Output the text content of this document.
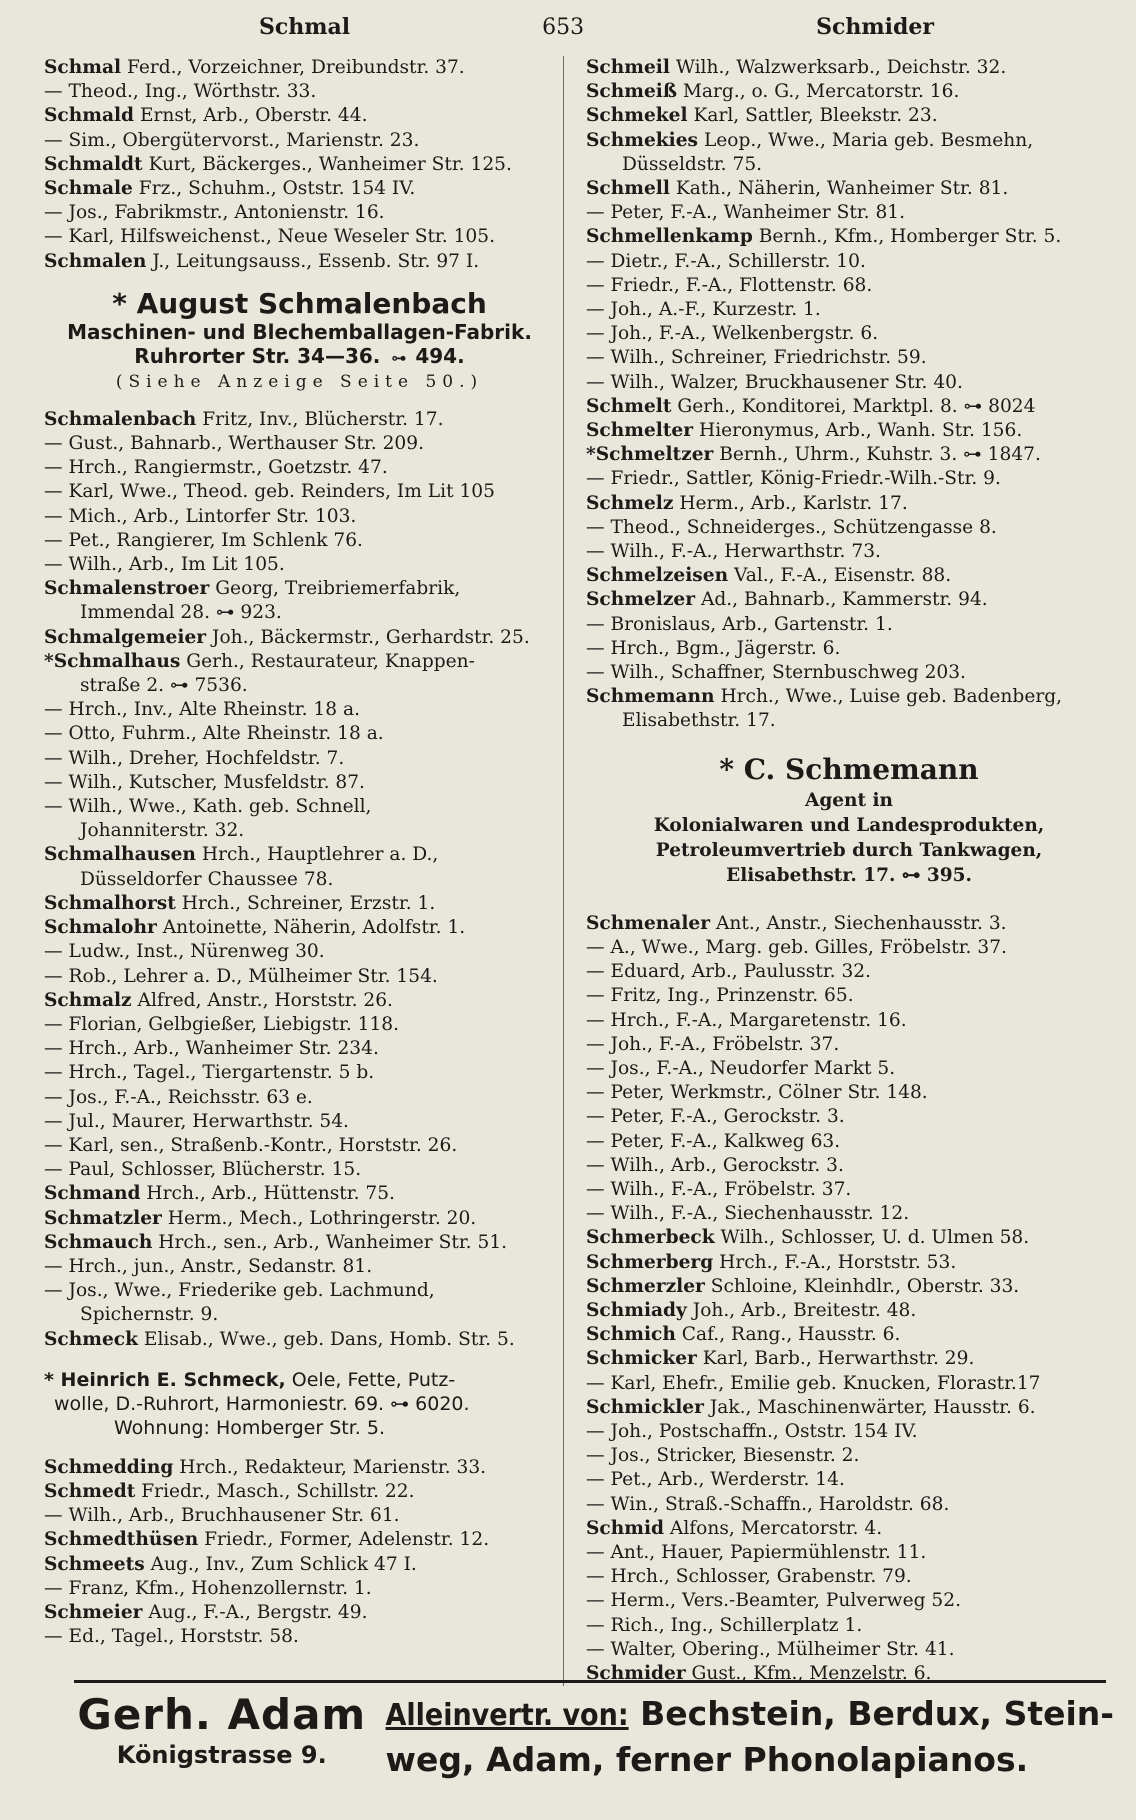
Schmal	653	Schmider
Schmal Ferd., Vorzeichner, Dreibundstr. 37.
— Theod., Ing., Wörthstr. 33.
Schmald Ernst, Arb., Oberstr. 44.
— Sim., Obergütervorst., Marienstr. 23.
Schmaldt Kurt, Bäckerges., Wanheimer Str. 125.
Schmale Frz., Schuhm., Oststr. 154 IV.
— Jos., Fabrikmstr., Antonienstr. 16.
— Karl, Hilfsweichenst., Neue Weseler Str. 105.
Schmalen J., Leitungsauss., Essenb. Str. 97 I.
* August Schmalenbach
Maschinen- und Blechemballagen-Fabrik.
Ruhrorter Str. 34—36. ⊶ 494.
(Siehe Anzeige Seite 50.)
Schmalenbach Fritz, Inv., Blücherstr. 17.
— Gust., Bahnarb., Werthauser Str. 209.
— Hrch., Rangiermstr., Goetzstr. 47.
— Karl, Wwe., Theod. geb. Reinders, Im Lit 105
— Mich., Arb., Lintorfer Str. 103.
— Pet., Rangierer, Im Schlenk 76.
— Wilh., Arb., Im Lit 105.
Schmalenstroer Georg, Treibriemerfabrik,
Immendal 28. ⊶ 923.
Schmalgemeier Joh., Bäckermstr., Gerhardstr. 25.
*Schmalhaus Gerh., Restaurateur, Knappen-
straße 2. ⊶ 7536.
— Hrch., Inv., Alte Rheinstr. 18 a.
— Otto, Fuhrm., Alte Rheinstr. 18 a.
— Wilh., Dreher, Hochfeldstr. 7.
— Wilh., Kutscher, Musfeldstr. 87.
— Wilh., Wwe., Kath. geb. Schnell,
Johanniterstr. 32.
Schmalhausen Hrch., Hauptlehrer a. D.,
Düsseldorfer Chaussee 78.
Schmalhorst Hrch., Schreiner, Erzstr. 1.
Schmalohr Antoinette, Näherin, Adolfstr. 1.
— Ludw., Inst., Nürenweg 30.
— Rob., Lehrer a. D., Mülheimer Str. 154.
Schmalz Alfred, Anstr., Horststr. 26.
— Florian, Gelbgießer, Liebigstr. 118.
— Hrch., Arb., Wanheimer Str. 234.
— Hrch., Tagel., Tiergartenstr. 5 b.
— Jos., F.-A., Reichsstr. 63 e.
— Jul., Maurer, Herwarthstr. 54.
— Karl, sen., Straßenb.-Kontr., Horststr. 26.
— Paul, Schlosser, Blücherstr. 15.
Schmand Hrch., Arb., Hüttenstr. 75.
Schmatzler Herm., Mech., Lothringerstr. 20.
Schmauch Hrch., sen., Arb., Wanheimer Str. 51.
— Hrch., jun., Anstr., Sedanstr. 81.
— Jos., Wwe., Friederike geb. Lachmund,
Spichernstr. 9.
Schmeck Elisab., Wwe., geb. Dans, Homb. Str. 5.
* Heinrich E. Schmeck, Oele, Fette, Putz-
wolle, D.-Ruhrort, Harmoniestr. 69. ⊶ 6020.
Wohnung: Homberger Str. 5.
Schmedding Hrch., Redakteur, Marienstr. 33.
Schmedt Friedr., Masch., Schillstr. 22.
— Wilh., Arb., Bruchhausener Str. 61.
Schmedthüsen Friedr., Former, Adelenstr. 12.
Schmeets Aug., Inv., Zum Schlick 47 I.
— Franz, Kfm., Hohenzollernstr. 1.
Schmeier Aug., F.-A., Bergstr. 49.
— Ed., Tagel., Horststr. 58.
Schmeil Wilh., Walzwerksarb., Deichstr. 32.
Schmeiß Marg., o. G., Mercatorstr. 16.
Schmekel Karl, Sattler, Bleekstr. 23.
Schmekies Leop., Wwe., Maria geb. Besmehn,
Düsseldstr. 75.
Schmell Kath., Näherin, Wanheimer Str. 81.
— Peter, F.-A., Wanheimer Str. 81.
Schmellenkamp Bernh., Kfm., Homberger Str. 5.
— Dietr., F.-A., Schillerstr. 10.
— Friedr., F.-A., Flottenstr. 68.
— Joh., A.-F., Kurzestr. 1.
— Joh., F.-A., Welkenbergstr. 6.
— Wilh., Schreiner, Friedrichstr. 59.
— Wilh., Walzer, Bruckhausener Str. 40.
Schmelt Gerh., Konditorei, Marktpl. 8. ⊶ 8024
Schmelter Hieronymus, Arb., Wanh. Str. 156.
*Schmeltzer Bernh., Uhrm., Kuhstr. 3. ⊶ 1847.
— Friedr., Sattler, König-Friedr.-Wilh.-Str. 9.
Schmelz Herm., Arb., Karlstr. 17.
— Theod., Schneiderges., Schützengasse 8.
— Wilh., F.-A., Herwarthstr. 73.
Schmelzeisen Val., F.-A., Eisenstr. 88.
Schmelzer Ad., Bahnarb., Kammerstr. 94.
— Bronislaus, Arb., Gartenstr. 1.
— Hrch., Bgm., Jägerstr. 6.
— Wilh., Schaffner, Sternbuschweg 203.
Schmemann Hrch., Wwe., Luise geb. Badenberg,
Elisabethstr. 17.
* C. Schmemann
Agent in
Kolonialwaren und Landesprodukten,
Petroleumvertrieb durch Tankwagen,
Elisabethstr. 17. ⊶ 395.
Schmenaler Ant., Anstr., Siechenhausstr. 3.
— A., Wwe., Marg. geb. Gilles, Fröbelstr. 37.
— Eduard, Arb., Paulusstr. 32.
— Fritz, Ing., Prinzenstr. 65.
— Hrch., F.-A., Margaretenstr. 16.
— Joh., F.-A., Fröbelstr. 37.
— Jos., F.-A., Neudorfer Markt 5.
— Peter, Werkmstr., Cölner Str. 148.
— Peter, F.-A., Gerockstr. 3.
— Peter, F.-A., Kalkweg 63.
— Wilh., Arb., Gerockstr. 3.
— Wilh., F.-A., Fröbelstr. 37.
— Wilh., F.-A., Siechenhausstr. 12.
Schmerbeck Wilh., Schlosser, U. d. Ulmen 58.
Schmerberg Hrch., F.-A., Horststr. 53.
Schmerzler Schloine, Kleinhdlr., Oberstr. 33.
Schmiady Joh., Arb., Breitestr. 48.
Schmich Caf., Rang., Hausstr. 6.
Schmicker Karl, Barb., Herwarthstr. 29.
— Karl, Ehefr., Emilie geb. Knucken, Florastr.17
Schmickler Jak., Maschinenwärter, Hausstr. 6.
— Joh., Postschaffn., Oststr. 154 IV.
— Jos., Stricker, Biesenstr. 2.
— Pet., Arb., Werderstr. 14.
— Win., Straß.-Schaffn., Haroldstr. 68.
Schmid Alfons, Mercatorstr. 4.
— Ant., Hauer, Papiermühlenstr. 11.
— Hrch., Schlosser, Grabenstr. 79.
— Herm., Vers.-Beamter, Pulverweg 52.
— Rich., Ing., Schillerplatz 1.
— Walter, Obering., Mülheimer Str. 41.
Schmider Gust., Kfm., Menzelstr. 6.
Gerh. Adam
Königstrasse 9.
Alleinvertr. von: Bechstein, Berdux, Stein-
weg, Adam, ferner Phonolapianos.
